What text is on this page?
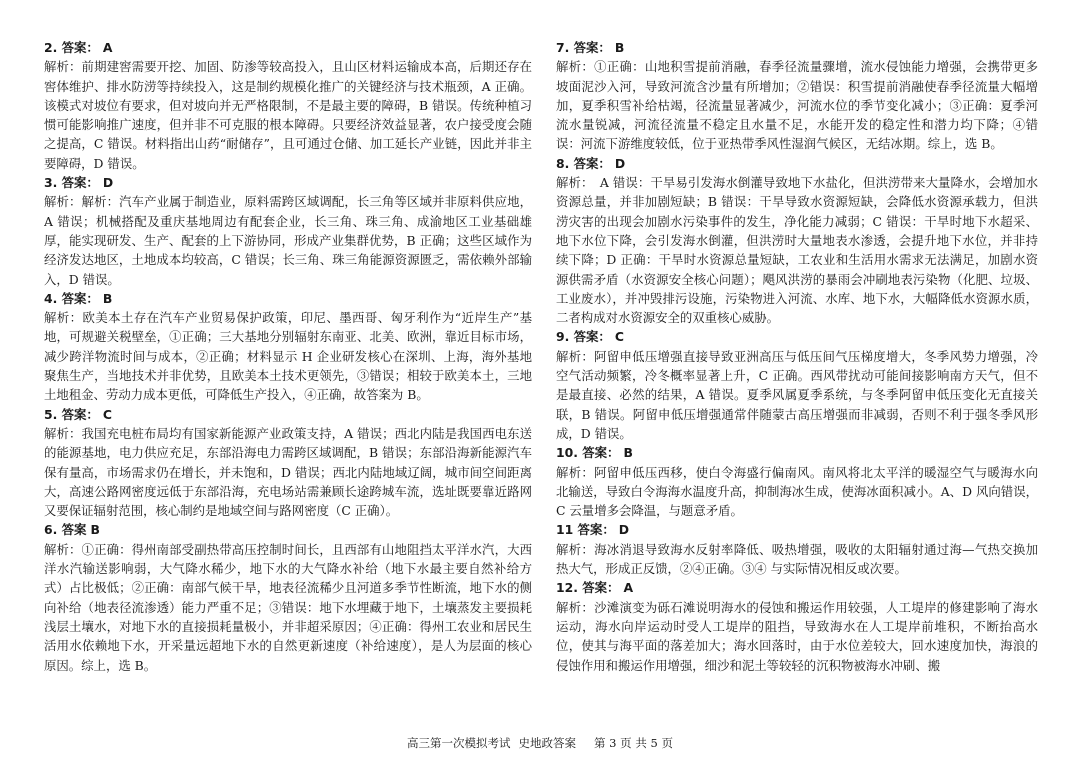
2. 答案： A

解析：前期建窖需要开挖、加固、防渗等较高投入，且山区材料运输成本高，后期还存在窖体维护、排水防涝等持续投入，这是制约规模化推广的关键经济与技术瓶颈，A 正确。该模式对坡位有要求，但对坡向并无严格限制，不是最主要的障碍，B 错误。传统种植习惯可能影响推广速度，但并非不可克服的根本障碍。只要经济效益显著，农户接受度会随之提高，C 错误。材料指出山药“耐储存”，且可通过仓储、加工延长产业链，因此并非主要障碍，D 错误。

3. 答案： D

解析：解析：汽车产业属于制造业，原料需跨区域调配，长三角等区域并非原料供应地，A 错误；机械搭配及重庆基地周边有配套企业，长三角、珠三角、成渝地区工业基础雄厚，能实现研发、生产、配套的上下游协同，形成产业集群优势，B 正确；这些区域作为经济发达地区，土地成本均较高，C 错误；长三角、珠三角能源资源匮乏，需依赖外部输入，D 错误。

4. 答案： B

解析：欧美本土存在汽车产业贸易保护政策，印尼、墨西哥、匈牙利作为“近岸生产”基地，可规避关税壁垒，①正确；三大基地分别辐射东南亚、北美、欧洲，靠近目标市场，减少跨洋物流时间与成本，②正确；材料显示 H 企业研发核心在深圳、上海，海外基地聚焦生产，当地技术并非优势，且欧美本土技术更领先，③错误；相较于欧美本土，三地土地租金、劳动力成本更低，可降低生产投入，④正确，故答案为 B。

5. 答案： C

解析：我国充电桩布局均有国家新能源产业政策支持，A 错误；西北内陆是我国西电东送的能源基地，电力供应充足，东部沿海电力需跨区域调配，B 错误；东部沿海新能源汽车保有量高，市场需求仍在增长，并未饱和，D 错误；西北内陆地域辽阔，城市间空间距离大，高速公路网密度远低于东部沿海，充电场站需兼顾长途跨城车流，选址既要靠近路网又要保证辐射范围，核心制约是地域空间与路网密度（C 正确）。

6. 答案 B

解析：①正确：得州南部受副热带高压控制时间长，且西部有山地阻挡太平洋水汽，大西洋水汽输送影响弱，大气降水稀少，地下水的大气降水补给（地下水最主要自然补给方式）占比极低；②正确：南部气候干旱，地表径流稀少且河道多季节性断流，地下水的侧向补给（地表径流渗透）能力严重不足；③错误：地下水埋藏于地下，土壤蒸发主要损耗浅层土壤水，对地下水的直接损耗量极小，并非超采原因；④正确：得州工农业和居民生活用水依赖地下水，开采量远超地下水的自然更新速度（补给速度），是人为层面的核心原因。综上，选 B。

7. 答案： B

解析：①正确：山地积雪提前消融，春季径流量骤增，流水侵蚀能力增强，会携带更多坡面泥沙入河，导致河流含沙量有所增加；②错误：积雪提前消融使春季径流量大幅增加，夏季积雪补给枯竭，径流量显著减少，河流水位的季节变化减小；③正确：夏季河流水量锐减，河流径流量不稳定且水量不足，水能开发的稳定性和潜力均下降；④错误：河流下游维度较低，位于亚热带季风性湿润气候区，无结冰期。综上，选 B。

8. 答案： D

解析：　A 错误：干旱易引发海水倒灌导致地下水盐化，但洪涝带来大量降水，会增加水资源总量，并非加剧短缺；B 错误：干旱导致水资源短缺，会降低水资源承载力，但洪涝灾害的出现会加剧水污染事件的发生，净化能力减弱；C 错误：干旱时地下水超采、地下水位下降，会引发海水倒灌，但洪涝时大量地表水渗透，会提升地下水位，并非持续下降；D 正确：干旱时水资源总量短缺，工农业和生活用水需求无法满足，加剧水资源供需矛盾（水资源安全核心问题）；飓风洪涝的暴雨会冲刷地表污染物（化肥、垃圾、工业废水），并冲毁排污设施，污染物进入河流、水库、地下水，大幅降低水资源水质，二者构成对水资源安全的双重核心威胁。

9. 答案： C

解析：阿留申低压增强直接导致亚洲高压与低压间气压梯度增大，冬季风势力增强，冷空气活动频繁，冷冬概率显著上升，C 正确。西风带扰动可能间接影响南方天气，但不是最直接、必然的结果，A 错误。夏季风属夏季系统，与冬季阿留申低压变化无直接关联，B 错误。阿留申低压增强通常伴随蒙古高压增强而非减弱，否则不利于强冬季风形成，D 错误。

10. 答案： B

解析：阿留申低压西移，使白令海盛行偏南风。南风将北太平洋的暖湿空气与暖海水向北输送，导致白令海海水温度升高，抑制海冰生成，使海冰面积减小。A、D 风向错误，C 云量增多会降温，与题意矛盾。

11 答案： D

解析：海冰消退导致海水反射率降低、吸热增强，吸收的太阳辐射通过海—气热交换加热大气，形成正反馈，②④正确。③④ 与实际情况相反或次要。

12. 答案： A

解析：沙滩演变为砾石滩说明海水的侵蚀和搬运作用较强，人工堤岸的修建影响了海水运动，海水向岸运动时受人工堤岸的阻挡，导致海水在人工堤岸前堆积，不断抬高水位，使其与海平面的落差加大；海水回落时，由于水位差较大，回水速度加快，海浪的侵蚀作用和搬运作用增强，细沙和泥土等较轻的沉积物被海水冲刷、搬

高三第一次模拟考试 史地政答案 第 3 页 共 5 页
